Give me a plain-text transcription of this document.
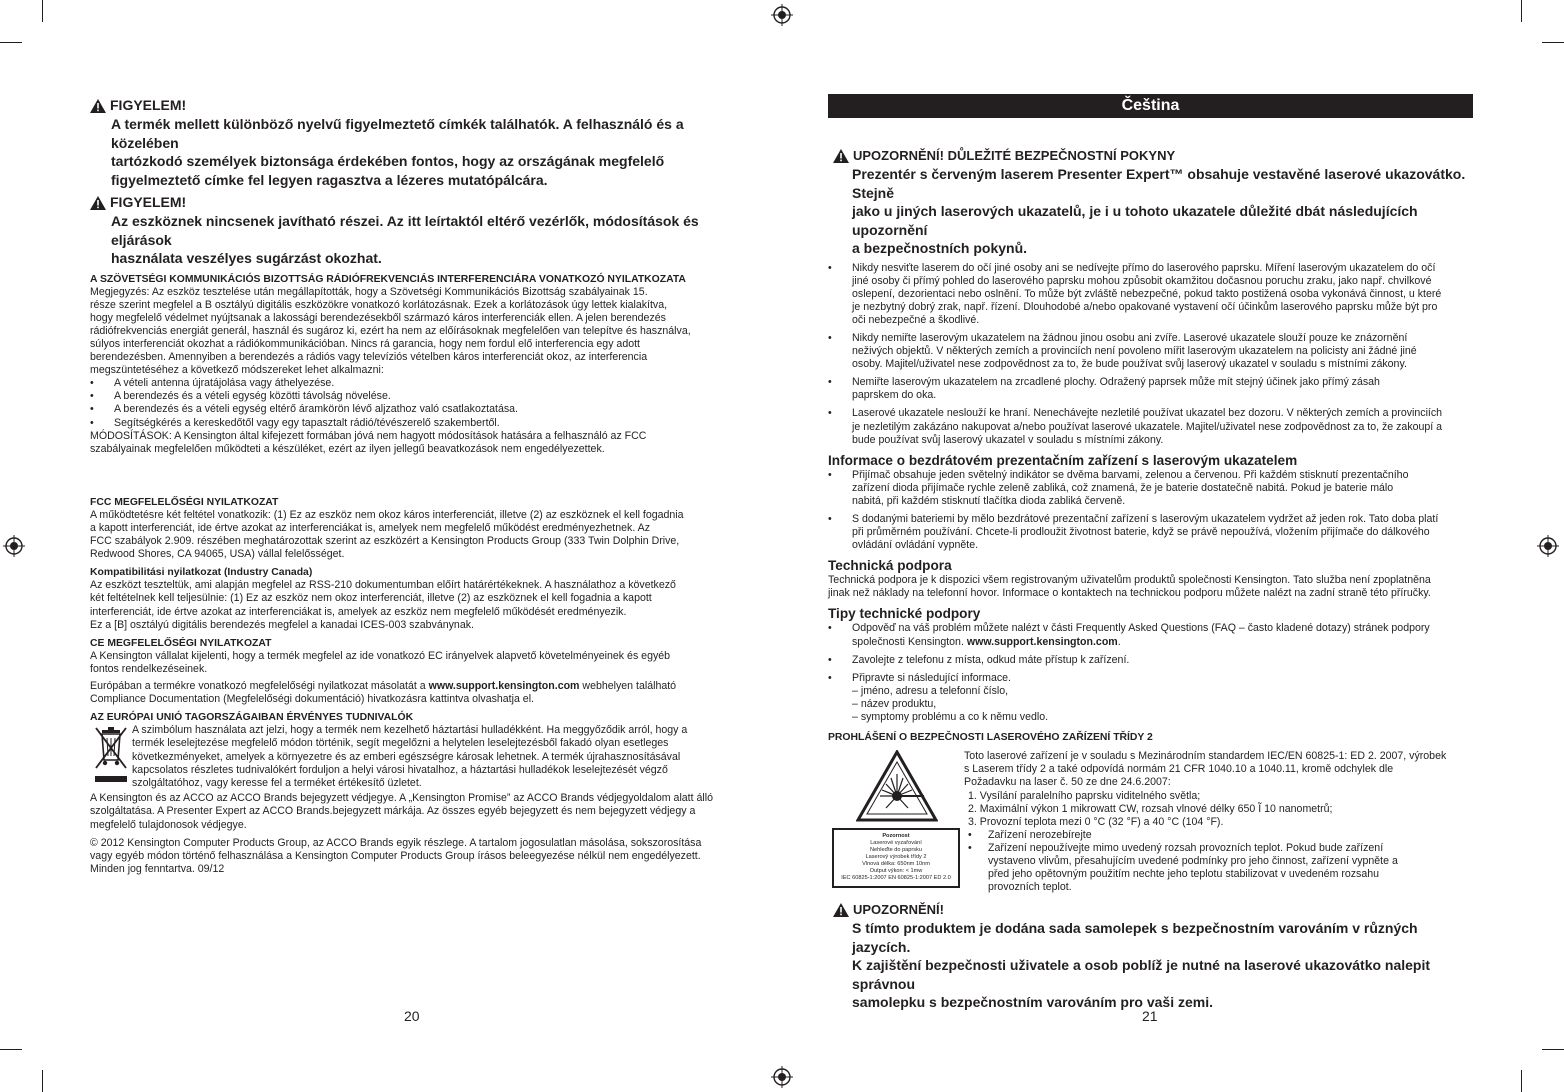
FIGYELEM!
A termék mellett különböző nyelvű figyelmeztető címkék találhatók. A felhasználó és a közelében
tartózkodó személyek biztonsága érdekében fontos, hogy az országának megfelelő
figyelmeztető címke fel legyen ragasztva a lézeres mutatópálcára.
FIGYELEM!
Az eszköznek nincsenek javítható részei. Az itt leírtaktól eltérő vezérlők, módosítások és eljárások
használata veszélyes sugárzást okozhat.

A SZÖVETSÉGI KOMMUNIKÁCIÓS BIZOTTSÁG RÁDIÓFREKVENCIÁS INTERFERENCIÁRA VONATKOZÓ NYILATKOZATA

Megjegyzés: Az eszköz tesztelése után megállapították, hogy a Szövetségi Kommunikációs Bizottság szabályainak 15.
része szerint megfelel a B osztályú digitális eszközökre vonatkozó korlátozásnak. Ezek a korlátozások úgy lettek kialakítva,
hogy megfelelő védelmet nyújtsanak a lakossági berendezésekből származó káros interferenciák ellen. A jelen berendezés
rádiófrekvenciás energiát generál, használ és sugároz ki, ezért ha nem az előírásoknak megfelelően van telepítve és használva,
súlyos interferenciát okozhat a rádiókommunikációban. Nincs rá garancia, hogy nem fordul elő interferencia egy adott
berendezésben. Amennyiben a berendezés a rádiós vagy televíziós vételben káros interferenciát okoz, az interferencia
megszüntetéséhez a következő módszereket lehet alkalmazni:
•	A vételi antenna újratájolása vagy áthelyezése.
•	A berendezés és a vételi egység közötti távolság növelése.
•	A berendezés és a vételi egység eltérő áramkörön lévő aljzathoz való csatlakoztatása.
•	Segítségkérés a kereskedőtől vagy egy tapasztalt rádió/tévészerelő szakembertől.
MÓDOSÍTÁSOK: A Kensington által kifejezett formában jóvá nem hagyott módosítások hatására a felhasználó az FCC
szabályainak megfelelően működteti a készüléket, ezért az ilyen jellegű beavatkozások nem engedélyezettek.

FCC MEGFELELŐSÉGI NYILATKOZAT

A működtetésre két feltétel vonatkozik: (1) Ez az eszköz nem okoz káros interferenciát, illetve (2) az eszköznek el kell fogadnia
a kapott interferenciát, ide értve azokat az interferenciákat is, amelyek nem megfelelő működést eredményezhetnek. Az
FCC szabályok 2.909. részében meghatározottak szerint az eszközért a Kensington Products Group (333 Twin Dolphin Drive,
Redwood Shores, CA 94065, USA) vállal felelősséget.

Kompatibilitási nyilatkozat (Industry Canada)

Az eszközt teszteltük, ami alapján megfelel az RSS-210 dokumentumban előírt határértékeknek. A használathoz a következő
két feltételnek kell teljesülnie: (1) Ez az eszköz nem okoz interferenciát, illetve (2) az eszköznek el kell fogadnia a kapott
interferenciát, ide értve azokat az interferenciákat is, amelyek az eszköz nem megfelelő működését eredményezik.
Ez a [B] osztályú digitális berendezés megfelel a kanadai ICES-003 szabványnak.

CE MEGFELELŐSÉGI NYILATKOZAT

A Kensington vállalat kijelenti, hogy a termék megfelel az ide vonatkozó EC irányelvek alapvető követelményeinek és egyéb
fontos rendelkezéseinek.
Európában a termékre vonatkozó megfelelőségi nyilatkozat másolatát a www.support.kensington.com webhelyen található
Compliance Documentation (Megfelelőségi dokumentáció) hivatkozásra kattintva olvashatja el.

AZ EURÓPAI UNIÓ TAGORSZÁGAIBAN ÉRVÉNYES TUDNIVALÓK

A szimbólum használata azt jelzi, hogy a termék nem kezelhető háztartási hulladékként. Ha meggyőződik arról, hogy a
termék leselejtezése megfelelő módon történik, segít megelőzni a helytelen leselejtezésből fakadó olyan esetleges
következményeket, amelyek a környezetre és az emberi egészségre károsak lehetnek. A termék újrahasznosításával
kapcsolatos részletes tudnivalókért forduljon a helyi városi hivatalhoz, a háztartási hulladékok leselejtezését végző
szolgáltatóhoz, vagy keresse fel a terméket értékesítő üzletet.
A Kensington és az ACCO az ACCO Brands bejegyzett védjegye. A „Kensington Promise” az ACCO Brands védjegyoldalom alatt álló
szolgáltatása. A Presenter Expert az ACCO Brands.bejegyzett márkája. Az összes egyéb bejegyzett és nem bejegyzett védjegy a
megfelelő tulajdonosok védjegye.
© 2012 Kensington Computer Products Group, az ACCO Brands egyik részlege. A tartalom jogosulatlan másolása, sokszorosítása
vagy egyéb módon történő felhasználása a Kensington Computer Products Group írásos beleegyezése nélkül nem engedélyezett.
Minden jog fenntartva. 09/12
20
Čeština
UPOZORNĚNÍ! DŮLEŽITÉ BEZPEČNOSTNÍ POKYNY
Prezentér s červeným laserem Presenter Expert™ obsahuje vestavěné laserové ukazovátko. Stejně
jako u jiných laserových ukazatelů, je i u tohoto ukazatele důležité dbát následujících upozornění
a bezpečnostních pokynů.
•	Nikdy nesviťte laserem do očí jiné osoby ani se nedívejte přímo do laserového paprsku. Míření laserovým ukazatelem do očí
jiné osoby či přímý pohled do laserového paprsku mohou způsobit okamžitou dočasnou poruchu zraku, jako např. chvilkové
oslepení, dezorientaci nebo oslnění. To může být zvláště nebezpečné, pokud takto postižená osoba vykonává činnost, u které
je nezbytný dobrý zrak, např. řízení. Dlouhodobé a/nebo opakované vystavení očí účinkům laserového paprsku může být pro
oči nebezpečné a škodlivé.
•	Nikdy nemiřte laserovým ukazatelem na žádnou jinou osobu ani zvíře. Laserové ukazatele slouží pouze ke znázornění
neživých objektů. V některých zemích a provinciích není povoleno mířit laserovým ukazatelem na policisty ani žádné jiné
osoby. Majitel/uživatel nese zodpovědnost za to, že bude používat svůj laserový ukazatel v souladu s místními zákony.
•	Nemiřte laserovým ukazatelem na zrcadlené plochy. Odražený paprsek může mít stejný účinek jako přímý zásah
paprskem do oka.
•	Laserové ukazatele neslouží ke hraní. Nenechávejte nezletilé používat ukazatel bez dozoru. V některých zemích a provinciích
je nezletilým zakázáno nakupovat a/nebo používat laserové ukazatele. Majitel/uživatel nese zodpovědnost za to, že zakoupí a
bude používat svůj laserový ukazatel v souladu s místními zákony.

Informace o bezdrátovém prezentačním zařízení s laserovým ukazatelem

•	Přijímač obsahuje jeden světelný indikátor se dvěma barvami, zelenou a červenou. Při každém stisknutí prezentačního
zařízení dioda přijímače rychle zeleně zabliká, což znamená, že je baterie dostatečně nabitá. Pokud je baterie málo
nabitá, při každém stisknutí tlačítka dioda zabliká červeně.
•	S dodanými bateriemi by mělo bezdrátové prezentační zařízení s laserovým ukazatelem vydržet až jeden rok. Tato doba platí
při průměrném používání. Chcete-li prodloužit životnost baterie, když se právě nepoužívá, vložením přijímače do dálkového
ovládání ovládání vypněte.

Technická podpora

Technická podpora je k dispozici všem registrovaným uživatelům produktů společnosti Kensington. Tato služba není zpoplatněna
jinak než náklady na telefonní hovor. Informace o kontaktech na technickou podporu můžete nalézt na zadní straně této příručky.

Tipy technické podpory

•	Odpověď na váš problém můžete nalézt v části Frequently Asked Questions (FAQ – často kladené dotazy) stránek podpory
společnosti Kensington. www.support.kensington.com.
•	Zavolejte z telefonu z místa, odkud máte přístup k zařízení.
•	Připravte si následující informace.
– jméno, adresu a telefonní číslo,
– název produktu,
– symptomy problému a co k němu vedlo.

PROHLÁŠENÍ O BEZPEČNOSTI LASEROVÉHO ZAŘÍZENÍ TŘÍDY 2

Pozornost
Laserové vyzařování
Nehleďte do paprsku
Laserový výrobek třídy 2
Vlnová délka: 650nm 10nm
Output výkon: < 1mw
IEC 60825-1:2007 EN 60825-1:2007 ED 2.0
Toto laserové zařízení je v souladu s Mezinárodním standardem IEC/EN 60825-1: ED 2. 2007, výrobek
s Laserem třídy 2 a také odpovídá normám 21 CFR 1040.10 a 1040.11, kromě odchylek dle
Požadavku na laser č. 50 ze dne 24.6.2007:
1. Vysílání paralelního paprsku viditelného světla;
2. Maximální výkon 1 mikrowatt CW, rozsah vlnové délky 650 Ĩ 10 nanometrů;
3. Provozní teplota mezi 0 °C (32 °F) a 40 °C (104 °F).
•	Zařízení nerozebírejte
•	Zařízení nepoužívejte mimo uvedený rozsah provozních teplot. Pokud bude zařízení
vystaveno vlivům, přesahujícím uvedené podmínky pro jeho činnost, zařízení vypněte a
před jeho opětovným použitím nechte jeho teplotu stabilizovat v uvedeném rozsahu
provozních teplot.
UPOZORNĚNÍ!
S tímto produktem je dodána sada samolepek s bezpečnostním varováním v různých jazycích.
K zajištění bezpečnosti uživatele a osob poblíž je nutné na laserové ukazovátko nalepit správnou
samolepku s bezpečnostním varováním pro vaši zemi.
21
